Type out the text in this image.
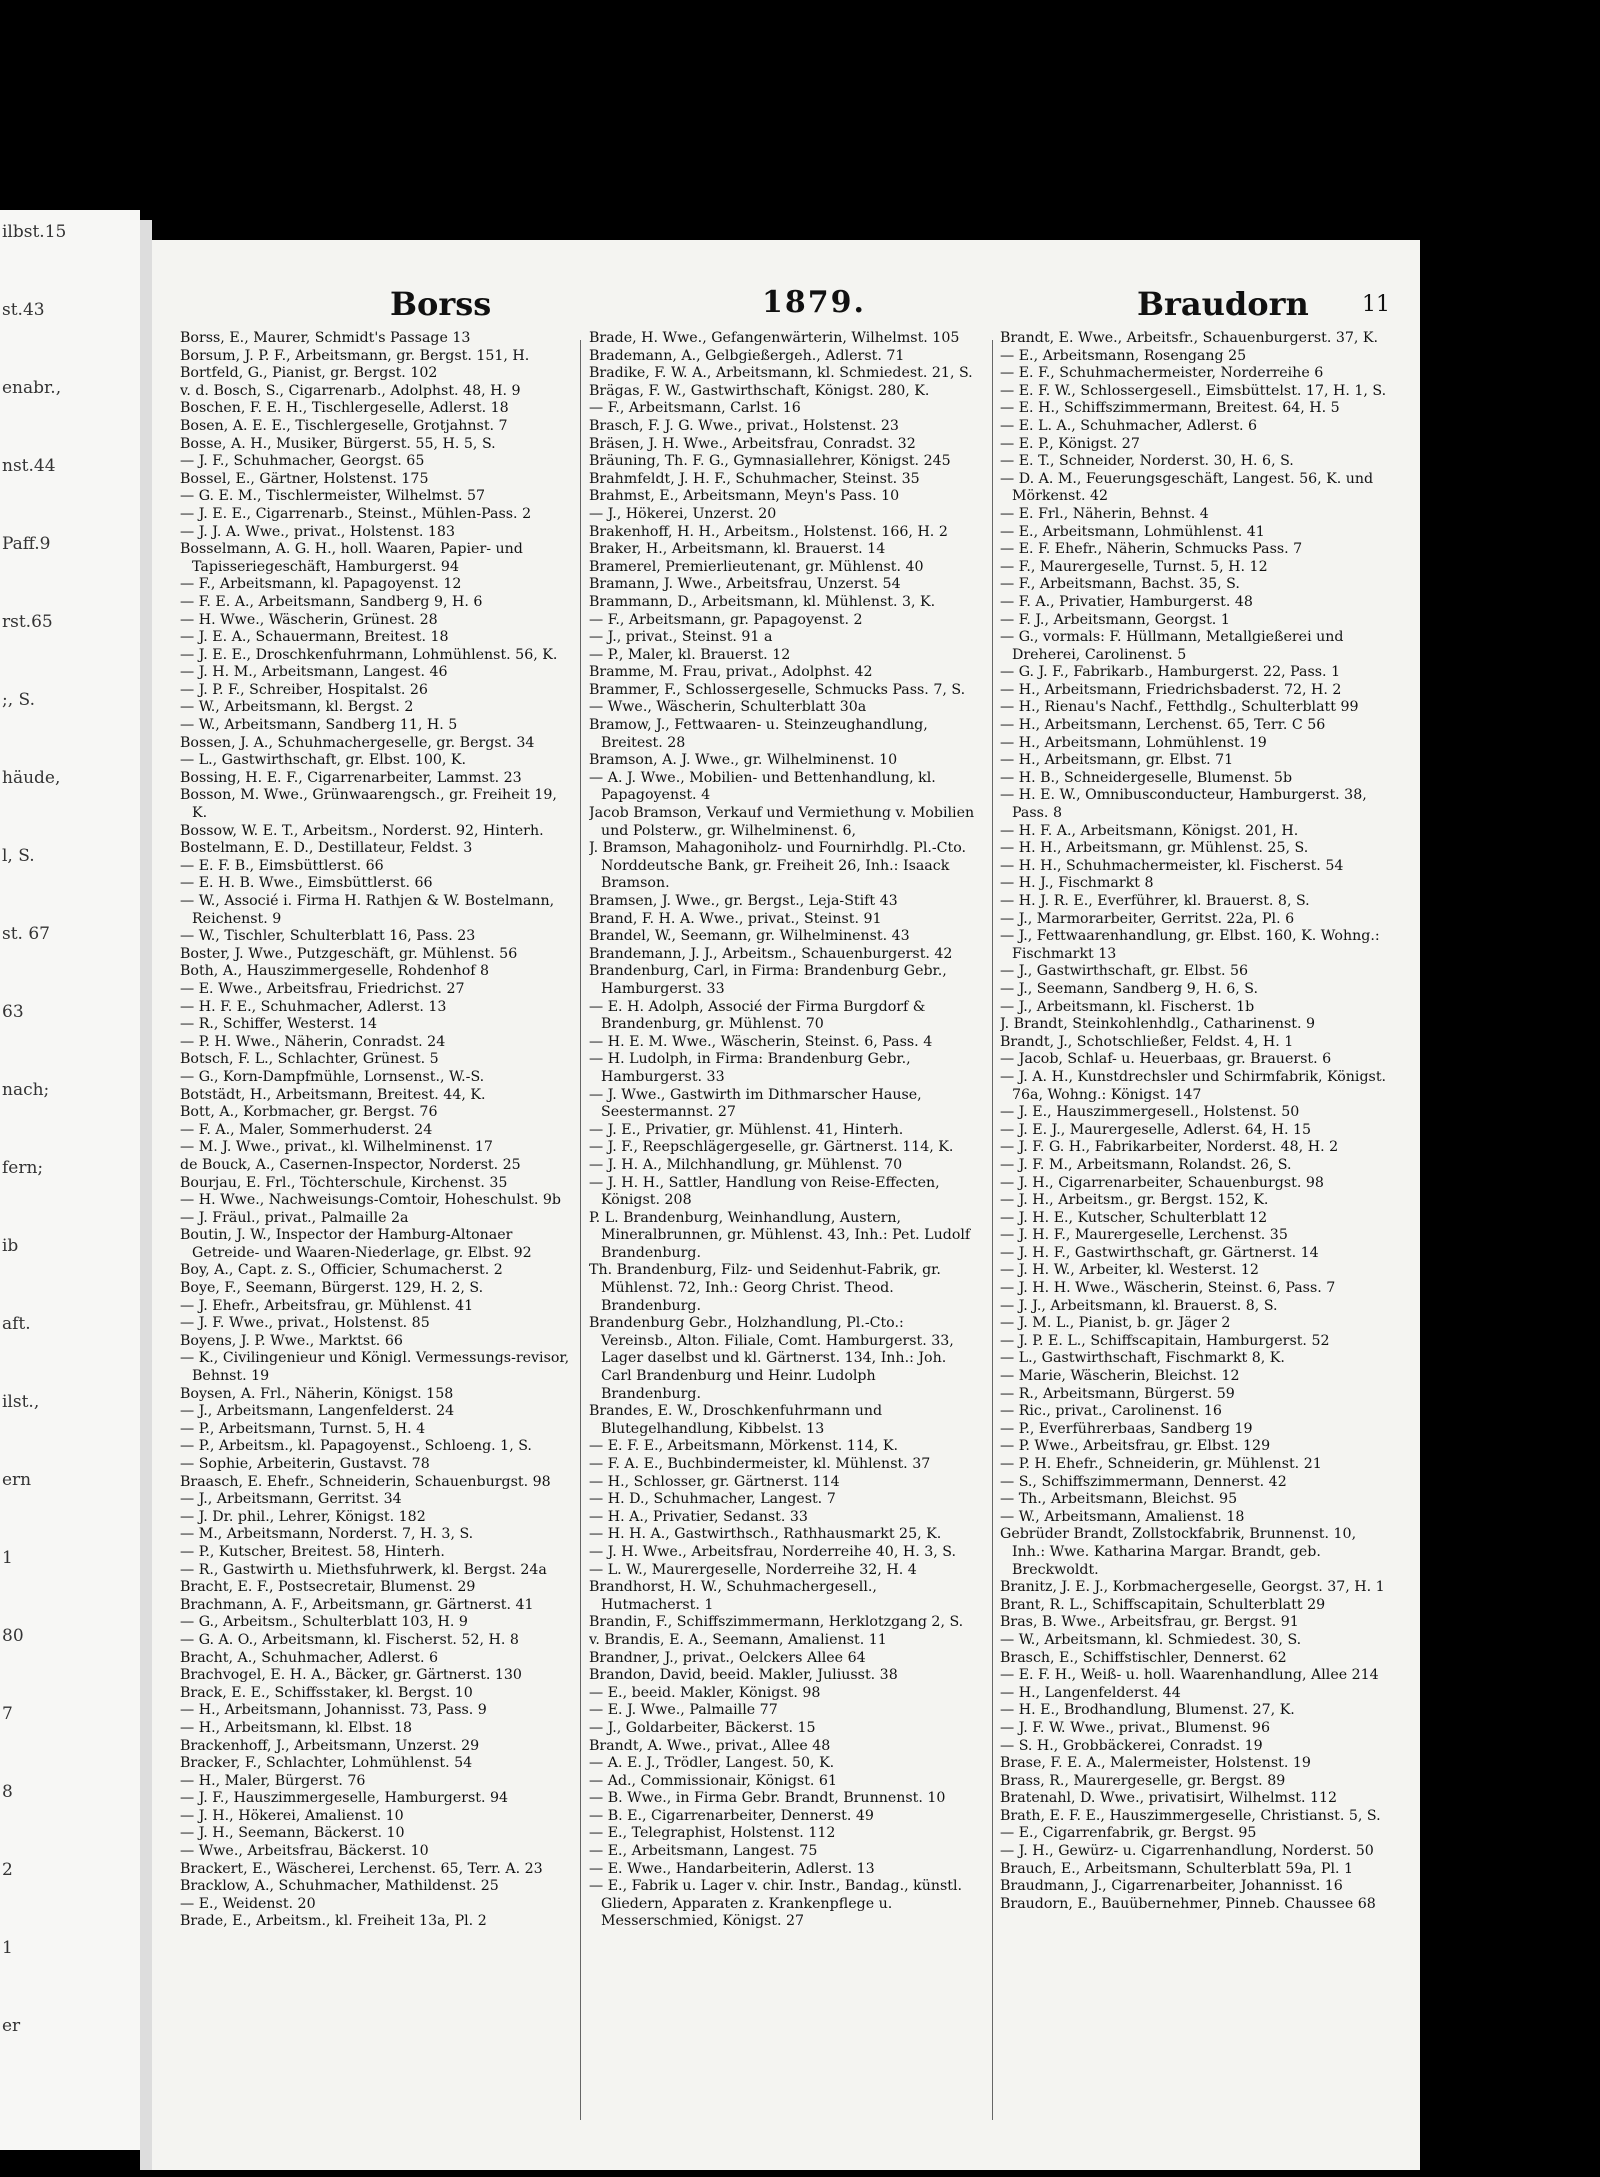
ilbst.15
st.43
enabr.,
nst.44
Paff.9
rst.65
;, S.
häude,
l, S.
st. 67
63
nach;
fern;
ib
aft.
ilst.,
ern
1
80
7
8
2
1
er
Borss	1879.	Braudorn 11
Borss, E., Maurer, Schmidt's Passage 13
Borsum, J. P. F., Arbeitsmann, gr. Bergst. 151, H.
Bortfeld, G., Pianist, gr. Bergst. 102
v. d. Bosch, S., Cigarrenarb., Adolphst. 48, H. 9
Boschen, F. E. H., Tischlergeselle, Adlerst. 18
Bosen, A. E. E., Tischlergeselle, Grotjahnst. 7
Bosse, A. H., Musiker, Bürgerst. 55, H. 5, S.
— J. F., Schuhmacher, Georgst. 65
Bossel, E., Gärtner, Holstenst. 175
— G. E. M., Tischlermeister, Wilhelmst. 57
— J. E. E., Cigarrenarb., Steinst., Mühlen-Pass. 2
— J. J. A. Wwe., privat., Holstenst. 183
Bosselmann, A. G. H., holl. Waaren, Papier- und Tapisseriegeschäft, Hamburgerst. 94
— F., Arbeitsmann, kl. Papagoyenst. 12
— F. E. A., Arbeitsmann, Sandberg 9, H. 6
— H. Wwe., Wäscherin, Grünest. 28
— J. E. A., Schauermann, Breitest. 18
— J. E. E., Droschkenfuhrmann, Lohmühlenst. 56, K.
— J. H. M., Arbeitsmann, Langest. 46
— J. P. F., Schreiber, Hospitalst. 26
— W., Arbeitsmann, kl. Bergst. 2
— W., Arbeitsmann, Sandberg 11, H. 5
Bossen, J. A., Schuhmachergeselle, gr. Bergst. 34
— L., Gastwirthschaft, gr. Elbst. 100, K.
Bossing, H. E. F., Cigarrenarbeiter, Lammst. 23
Bosson, M. Wwe., Grünwaarengsch., gr. Freiheit 19, K.
Bossow, W. E. T., Arbeitsm., Norderst. 92, Hinterh.
Bostelmann, E. D., Destillateur, Feldst. 3
— E. F. B., Eimsbüttlerst. 66
— E. H. B. Wwe., Eimsbüttlerst. 66
— W., Associé i. Firma H. Rathjen & W. Bostelmann, Reichenst. 9
— W., Tischler, Schulterblatt 16, Pass. 23
Boster, J. Wwe., Putzgeschäft, gr. Mühlenst. 56
Both, A., Hauszimmergeselle, Rohdenhof 8
— E. Wwe., Arbeitsfrau, Friedrichst. 27
— H. F. E., Schuhmacher, Adlerst. 13
— R., Schiffer, Westerst. 14
— P. H. Wwe., Näherin, Conradst. 24
Botsch, F. L., Schlachter, Grünest. 5
— G., Korn-Dampfmühle, Lornsenst., W.-S.
Botstädt, H., Arbeitsmann, Breitest. 44, K.
Bott, A., Korbmacher, gr. Bergst. 76
— F. A., Maler, Sommerhuderst. 24
— M. J. Wwe., privat., kl. Wilhelminenst. 17
de Bouck, A., Casernen-Inspector, Norderst. 25
Bourjau, E. Frl., Töchterschule, Kirchenst. 35
— H. Wwe., Nachweisungs-Comtoir, Hoheschulst. 9b
— J. Fräul., privat., Palmaille 2a
Boutin, J. W., Inspector der Hamburg-Altonaer Getreide- und Waaren-Niederlage, gr. Elbst. 92
Boy, A., Capt. z. S., Officier, Schumacherst. 2
Boye, F., Seemann, Bürgerst. 129, H. 2, S.
— J. Ehefr., Arbeitsfrau, gr. Mühlenst. 41
— J. F. Wwe., privat., Holstenst. 85
Boyens, J. P. Wwe., Marktst. 66
— K., Civilingenieur und Königl. Vermessungs-revisor, Behnst. 19
Boysen, A. Frl., Näherin, Königst. 158
— J., Arbeitsmann, Langenfelderst. 24
— P., Arbeitsmann, Turnst. 5, H. 4
— P., Arbeitsm., kl. Papagoyenst., Schloeng. 1, S.
— Sophie, Arbeiterin, Gustavst. 78
Braasch, E. Ehefr., Schneiderin, Schauenburgst. 98
— J., Arbeitsmann, Gerritst. 34
— J. Dr. phil., Lehrer, Königst. 182
— M., Arbeitsmann, Norderst. 7, H. 3, S.
— P., Kutscher, Breitest. 58, Hinterh.
— R., Gastwirth u. Miethsfuhrwerk, kl. Bergst. 24a
Bracht, E. F., Postsecretair, Blumenst. 29
Brachmann, A. F., Arbeitsmann, gr. Gärtnerst. 41
— G., Arbeitsm., Schulterblatt 103, H. 9
— G. A. O., Arbeitsmann, kl. Fischerst. 52, H. 8
Bracht, A., Schuhmacher, Adlerst. 6
Brachvogel, E. H. A., Bäcker, gr. Gärtnerst. 130
Brack, E. E., Schiffsstaker, kl. Bergst. 10
— H., Arbeitsmann, Johannisst. 73, Pass. 9
— H., Arbeitsmann, kl. Elbst. 18
Brackenhoff, J., Arbeitsmann, Unzerst. 29
Bracker, F., Schlachter, Lohmühlenst. 54
— H., Maler, Bürgerst. 76
— J. F., Hauszimmergeselle, Hamburgerst. 94
— J. H., Hökerei, Amalienst. 10
— J. H., Seemann, Bäckerst. 10
— Wwe., Arbeitsfrau, Bäckerst. 10
Brackert, E., Wäscherei, Lerchenst. 65, Terr. A. 23
Bracklow, A., Schuhmacher, Mathildenst. 25
— E., Weidenst. 20
Brade, E., Arbeitsm., kl. Freiheit 13a, Pl. 2
Brade, H. Wwe., Gefangenwärterin, Wilhelmst. 105
Brademann, A., Gelbgießergeh., Adlerst. 71
Bradike, F. W. A., Arbeitsmann, kl. Schmiedest. 21, S.
Brägas, F. W., Gastwirthschaft, Königst. 280, K.
— F., Arbeitsmann, Carlst. 16
Brasch, F. J. G. Wwe., privat., Holstenst. 23
Bräsen, J. H. Wwe., Arbeitsfrau, Conradst. 32
Bräuning, Th. F. G., Gymnasiallehrer, Königst. 245
Brahmfeldt, J. H. F., Schuhmacher, Steinst. 35
Brahmst, E., Arbeitsmann, Meyn's Pass. 10
— J., Hökerei, Unzerst. 20
Brakenhoff, H. H., Arbeitsm., Holstenst. 166, H. 2
Braker, H., Arbeitsmann, kl. Brauerst. 14
Bramerel, Premierlieutenant, gr. Mühlenst. 40
Bramann, J. Wwe., Arbeitsfrau, Unzerst. 54
Brammann, D., Arbeitsmann, kl. Mühlenst. 3, K.
— F., Arbeitsmann, gr. Papagoyenst. 2
— J., privat., Steinst. 91 a
— P., Maler, kl. Brauerst. 12
Bramme, M. Frau, privat., Adolphst. 42
Brammer, F., Schlossergeselle, Schmucks Pass. 7, S.
— Wwe., Wäscherin, Schulterblatt 30a
Bramow, J., Fettwaaren- u. Steinzeughandlung, Breitest. 28
Bramson, A. J. Wwe., gr. Wilhelminenst. 10
— A. J. Wwe., Mobilien- und Bettenhandlung, kl. Papagoyenst. 4
Jacob Bramson, Verkauf und Vermiethung v. Mobilien und Polsterw., gr. Wilhelminenst. 6,
J. Bramson, Mahagoniholz- und Fournirhdlg. Pl.-Cto. Norddeutsche Bank, gr. Freiheit 26, Inh.: Isaack Bramson.
Bramsen, J. Wwe., gr. Bergst., Leja-Stift 43
Brand, F. H. A. Wwe., privat., Steinst. 91
Brandel, W., Seemann, gr. Wilhelminenst. 43
Brandemann, J. J., Arbeitsm., Schauenburgerst. 42
Brandenburg, Carl, in Firma: Brandenburg Gebr., Hamburgerst. 33
— E. H. Adolph, Associé der Firma Burgdorf & Brandenburg, gr. Mühlenst. 70
— H. E. M. Wwe., Wäscherin, Steinst. 6, Pass. 4
— H. Ludolph, in Firma: Brandenburg Gebr., Hamburgerst. 33
— J. Wwe., Gastwirth im Dithmarscher Hause, Seestermannst. 27
— J. E., Privatier, gr. Mühlenst. 41, Hinterh.
— J. F., Reepschlägergeselle, gr. Gärtnerst. 114, K.
— J. H. A., Milchhandlung, gr. Mühlenst. 70
— J. H. H., Sattler, Handlung von Reise-Effecten, Königst. 208
P. L. Brandenburg, Weinhandlung, Austern, Mineralbrunnen, gr. Mühlenst. 43, Inh.: Pet. Ludolf Brandenburg.
Th. Brandenburg, Filz- und Seidenhut-Fabrik, gr. Mühlenst. 72, Inh.: Georg Christ. Theod. Brandenburg.
Brandenburg Gebr., Holzhandlung, Pl.-Cto.: Vereinsb., Alton. Filiale, Comt. Hamburgerst. 33, Lager daselbst und kl. Gärtnerst. 134, Inh.: Joh. Carl Brandenburg und Heinr. Ludolph Brandenburg.
Brandes, E. W., Droschkenfuhrmann und Blutegelhandlung, Kibbelst. 13
— E. F. E., Arbeitsmann, Mörkenst. 114, K.
— F. A. E., Buchbindermeister, kl. Mühlenst. 37
— H., Schlosser, gr. Gärtnerst. 114
— H. D., Schuhmacher, Langest. 7
— H. A., Privatier, Sedanst. 33
— H. H. A., Gastwirthsch., Rathhausmarkt 25, K.
— J. H. Wwe., Arbeitsfrau, Norderreihe 40, H. 3, S.
— L. W., Maurergeselle, Norderreihe 32, H. 4
Brandhorst, H. W., Schuhmachergesell., Hutmacherst. 1
Brandin, F., Schiffszimmermann, Herklotzgang 2, S.
v. Brandis, E. A., Seemann, Amalienst. 11
Brandner, J., privat., Oelckers Allee 64
Brandon, David, beeid. Makler, Juliusst. 38
— E., beeid. Makler, Königst. 98
— E. J. Wwe., Palmaille 77
— J., Goldarbeiter, Bäckerst. 15
Brandt, A. Wwe., privat., Allee 48
— A. E. J., Trödler, Langest. 50, K.
— Ad., Commissionair, Königst. 61
— B. Wwe., in Firma Gebr. Brandt, Brunnenst. 10
— B. E., Cigarrenarbeiter, Dennerst. 49
— E., Telegraphist, Holstenst. 112
— E., Arbeitsmann, Langest. 75
— E. Wwe., Handarbeiterin, Adlerst. 13
— E., Fabrik u. Lager v. chir. Instr., Bandag., künstl. Gliedern, Apparaten z. Krankenpflege u. Messerschmied, Königst. 27
Brandt, E. Wwe., Arbeitsfr., Schauenburgerst. 37, K.
— E., Arbeitsmann, Rosengang 25
— E. F., Schuhmachermeister, Norderreihe 6
— E. F. W., Schlossergesell., Eimsbüttelst. 17, H. 1, S.
— E. H., Schiffszimmermann, Breitest. 64, H. 5
— E. L. A., Schuhmacher, Adlerst. 6
— E. P., Königst. 27
— E. T., Schneider, Norderst. 30, H. 6, S.
— D. A. M., Feuerungsgeschäft, Langest. 56, K. und Mörkenst. 42
— E. Frl., Näherin, Behnst. 4
— E., Arbeitsmann, Lohmühlenst. 41
— E. F. Ehefr., Näherin, Schmucks Pass. 7
— F., Maurergeselle, Turnst. 5, H. 12
— F., Arbeitsmann, Bachst. 35, S.
— F. A., Privatier, Hamburgerst. 48
— F. J., Arbeitsmann, Georgst. 1
— G., vormals: F. Hüllmann, Metallgießerei und Dreherei, Carolinenst. 5
— G. J. F., Fabrikarb., Hamburgerst. 22, Pass. 1
— H., Arbeitsmann, Friedrichsbaderst. 72, H. 2
— H., Rienau's Nachf., Fetthdlg., Schulterblatt 99
— H., Arbeitsmann, Lerchenst. 65, Terr. C 56
— H., Arbeitsmann, Lohmühlenst. 19
— H., Arbeitsmann, gr. Elbst. 71
— H. B., Schneidergeselle, Blumenst. 5b
— H. E. W., Omnibusconducteur, Hamburgerst. 38, Pass. 8
— H. F. A., Arbeitsmann, Königst. 201, H.
— H. H., Arbeitsmann, gr. Mühlenst. 25, S.
— H. H., Schuhmachermeister, kl. Fischerst. 54
— H. J., Fischmarkt 8
— H. J. R. E., Everführer, kl. Brauerst. 8, S.
— J., Marmorarbeiter, Gerritst. 22a, Pl. 6
— J., Fettwaarenhandlung, gr. Elbst. 160, K. Wohng.: Fischmarkt 13
— J., Gastwirthschaft, gr. Elbst. 56
— J., Seemann, Sandberg 9, H. 6, S.
— J., Arbeitsmann, kl. Fischerst. 1b
J. Brandt, Steinkohlenhdlg., Catharinenst. 9
Brandt, J., Schotschließer, Feldst. 4, H. 1
— Jacob, Schlaf- u. Heuerbaas, gr. Brauerst. 6
— J. A. H., Kunstdrechsler und Schirmfabrik, Königst. 76a, Wohng.: Königst. 147
— J. E., Hauszimmergesell., Holstenst. 50
— J. E. J., Maurergeselle, Adlerst. 64, H. 15
— J. F. G. H., Fabrikarbeiter, Norderst. 48, H. 2
— J. F. M., Arbeitsmann, Rolandst. 26, S.
— J. H., Cigarrenarbeiter, Schauenburgst. 98
— J. H., Arbeitsm., gr. Bergst. 152, K.
— J. H. E., Kutscher, Schulterblatt 12
— J. H. F., Maurergeselle, Lerchenst. 35
— J. H. F., Gastwirthschaft, gr. Gärtnerst. 14
— J. H. W., Arbeiter, kl. Westerst. 12
— J. H. H. Wwe., Wäscherin, Steinst. 6, Pass. 7
— J. J., Arbeitsmann, kl. Brauerst. 8, S.
— J. M. L., Pianist, b. gr. Jäger 2
— J. P. E. L., Schiffscapitain, Hamburgerst. 52
— L., Gastwirthschaft, Fischmarkt 8, K.
— Marie, Wäscherin, Bleichst. 12
— R., Arbeitsmann, Bürgerst. 59
— Ric., privat., Carolinenst. 16
— P., Everführerbaas, Sandberg 19
— P. Wwe., Arbeitsfrau, gr. Elbst. 129
— P. H. Ehefr., Schneiderin, gr. Mühlenst. 21
— S., Schiffszimmermann, Dennerst. 42
— Th., Arbeitsmann, Bleichst. 95
— W., Arbeitsmann, Amalienst. 18
Gebrüder Brandt, Zollstockfabrik, Brunnenst. 10, Inh.: Wwe. Katharina Margar. Brandt, geb. Breckwoldt.
Branitz, J. E. J., Korbmachergeselle, Georgst. 37, H. 1
Brant, R. L., Schiffscapitain, Schulterblatt 29
Bras, B. Wwe., Arbeitsfrau, gr. Bergst. 91
— W., Arbeitsmann, kl. Schmiedest. 30, S.
Brasch, E., Schiffstischler, Dennerst. 62
— E. F. H., Weiß- u. holl. Waarenhandlung, Allee 214
— H., Langenfelderst. 44
— H. E., Brodhandlung, Blumenst. 27, K.
— J. F. W. Wwe., privat., Blumenst. 96
— S. H., Grobbäckerei, Conradst. 19
Brase, F. E. A., Malermeister, Holstenst. 19
Brass, R., Maurergeselle, gr. Bergst. 89
Bratenahl, D. Wwe., privatisirt, Wilhelmst. 112
Brath, E. F. E., Hauszimmergeselle, Christianst. 5, S.
— E., Cigarrenfabrik, gr. Bergst. 95
— J. H., Gewürz- u. Cigarrenhandlung, Norderst. 50
Brauch, E., Arbeitsmann, Schulterblatt 59a, Pl. 1
Braudmann, J., Cigarrenarbeiter, Johannisst. 16
Braudorn, E., Bauübernehmer, Pinneb. Chaussee 68
